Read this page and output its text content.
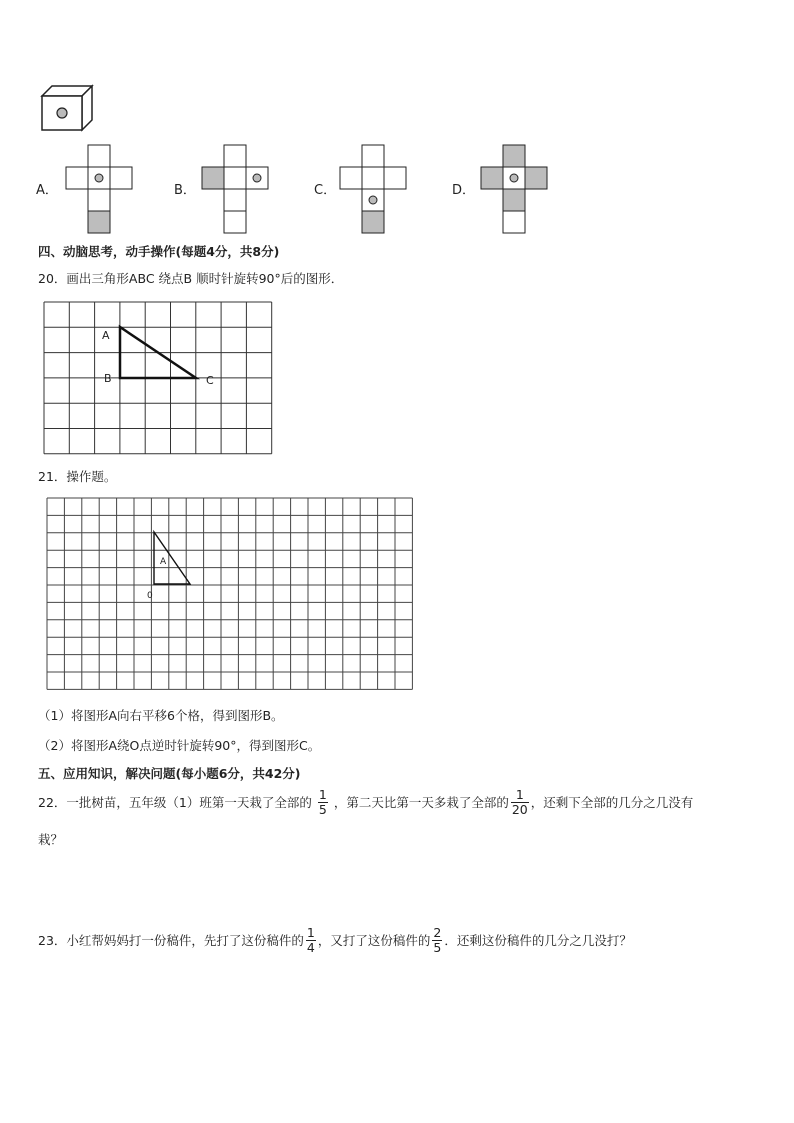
A．	B．	C．	D．
四、动脑思考，动手操作(每题4分，共8分)
20．画出三角形ABC 绕点B 顺时针旋转90°后的图形．
A
B	C
21．操作题。
A
0
（1）将图形A向右平移6个格，得到图形B。
（2）将图形A绕O点逆时针旋转90°，得到图形C。
五、应用知识，解决问题(每小题6分，共42分)
22．一批树苗，五年级（1）班第一天栽了全部的 $\frac{1}{5}$ ，第二天比第一天多栽了全部的 $\frac{1}{20}$ ，还剩下全部的几分之几没有
栽？
23．小红帮妈妈打一份稿件，先打了这份稿件的 $\frac{1}{4}$ ，又打了这份稿件的 $\frac{2}{5}$ ．还剩这份稿件的几分之几没打？
